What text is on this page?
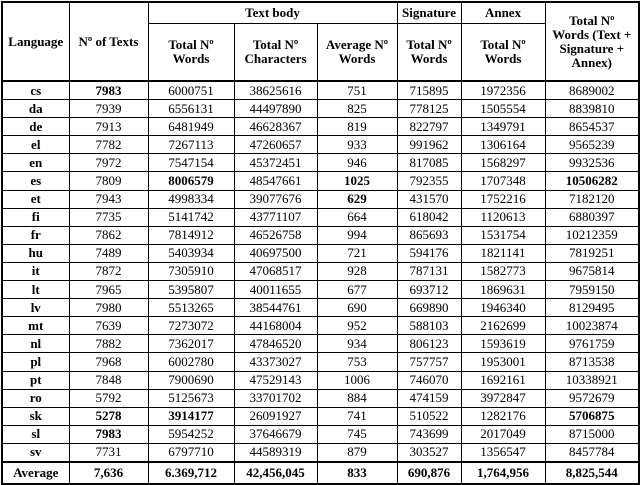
Language	Nº of Texts	Text body			Signature	Annex	Total Nº Words (Text + Signature + Annex)
		Total Nº Words	Total Nº Characters	Average Nº Words	Total Nº Words	Total Nº Words	
cs	7983	6000751	38625616	751	715895	1972356	8689002
da	7939	6556131	44497890	825	778125	1505554	8839810
de	7913	6481949	46628367	819	822797	1349791	8654537
el	7782	7267113	47260657	933	991962	1306164	9565239
en	7972	7547154	45372451	946	817085	1568297	9932536
es	7809	8006579	48547661	1025	792355	1707348	10506282
et	7943	4998334	39077676	629	431570	1752216	7182120
fi	7735	5141742	43771107	664	618042	1120613	6880397
fr	7862	7814912	46526758	994	865693	1531754	10212359
hu	7489	5403934	40697500	721	594176	1821141	7819251
it	7872	7305910	47068517	928	787131	1582773	9675814
lt	7965	5395807	40011655	677	693712	1869631	7959150
lv	7980	5513265	38544761	690	669890	1946340	8129495
mt	7639	7273072	44168004	952	588103	2162699	10023874
nl	7882	7362017	47846520	934	806123	1593619	9761759
pl	7968	6002780	43373027	753	757757	1953001	8713538
pt	7848	7900690	47529143	1006	746070	1692161	10338921
ro	5792	5125673	33701702	884	474159	3972847	9572679
sk	5278	3914177	26091927	741	510522	1282176	5706875
sl	7983	5954252	37646679	745	743699	2017049	8715000
sv	7731	6797710	44589319	879	303527	1356547	8457784
Average	7,636	6.369,712	42,456,045	833	690,876	1,764,956	8,825,544
